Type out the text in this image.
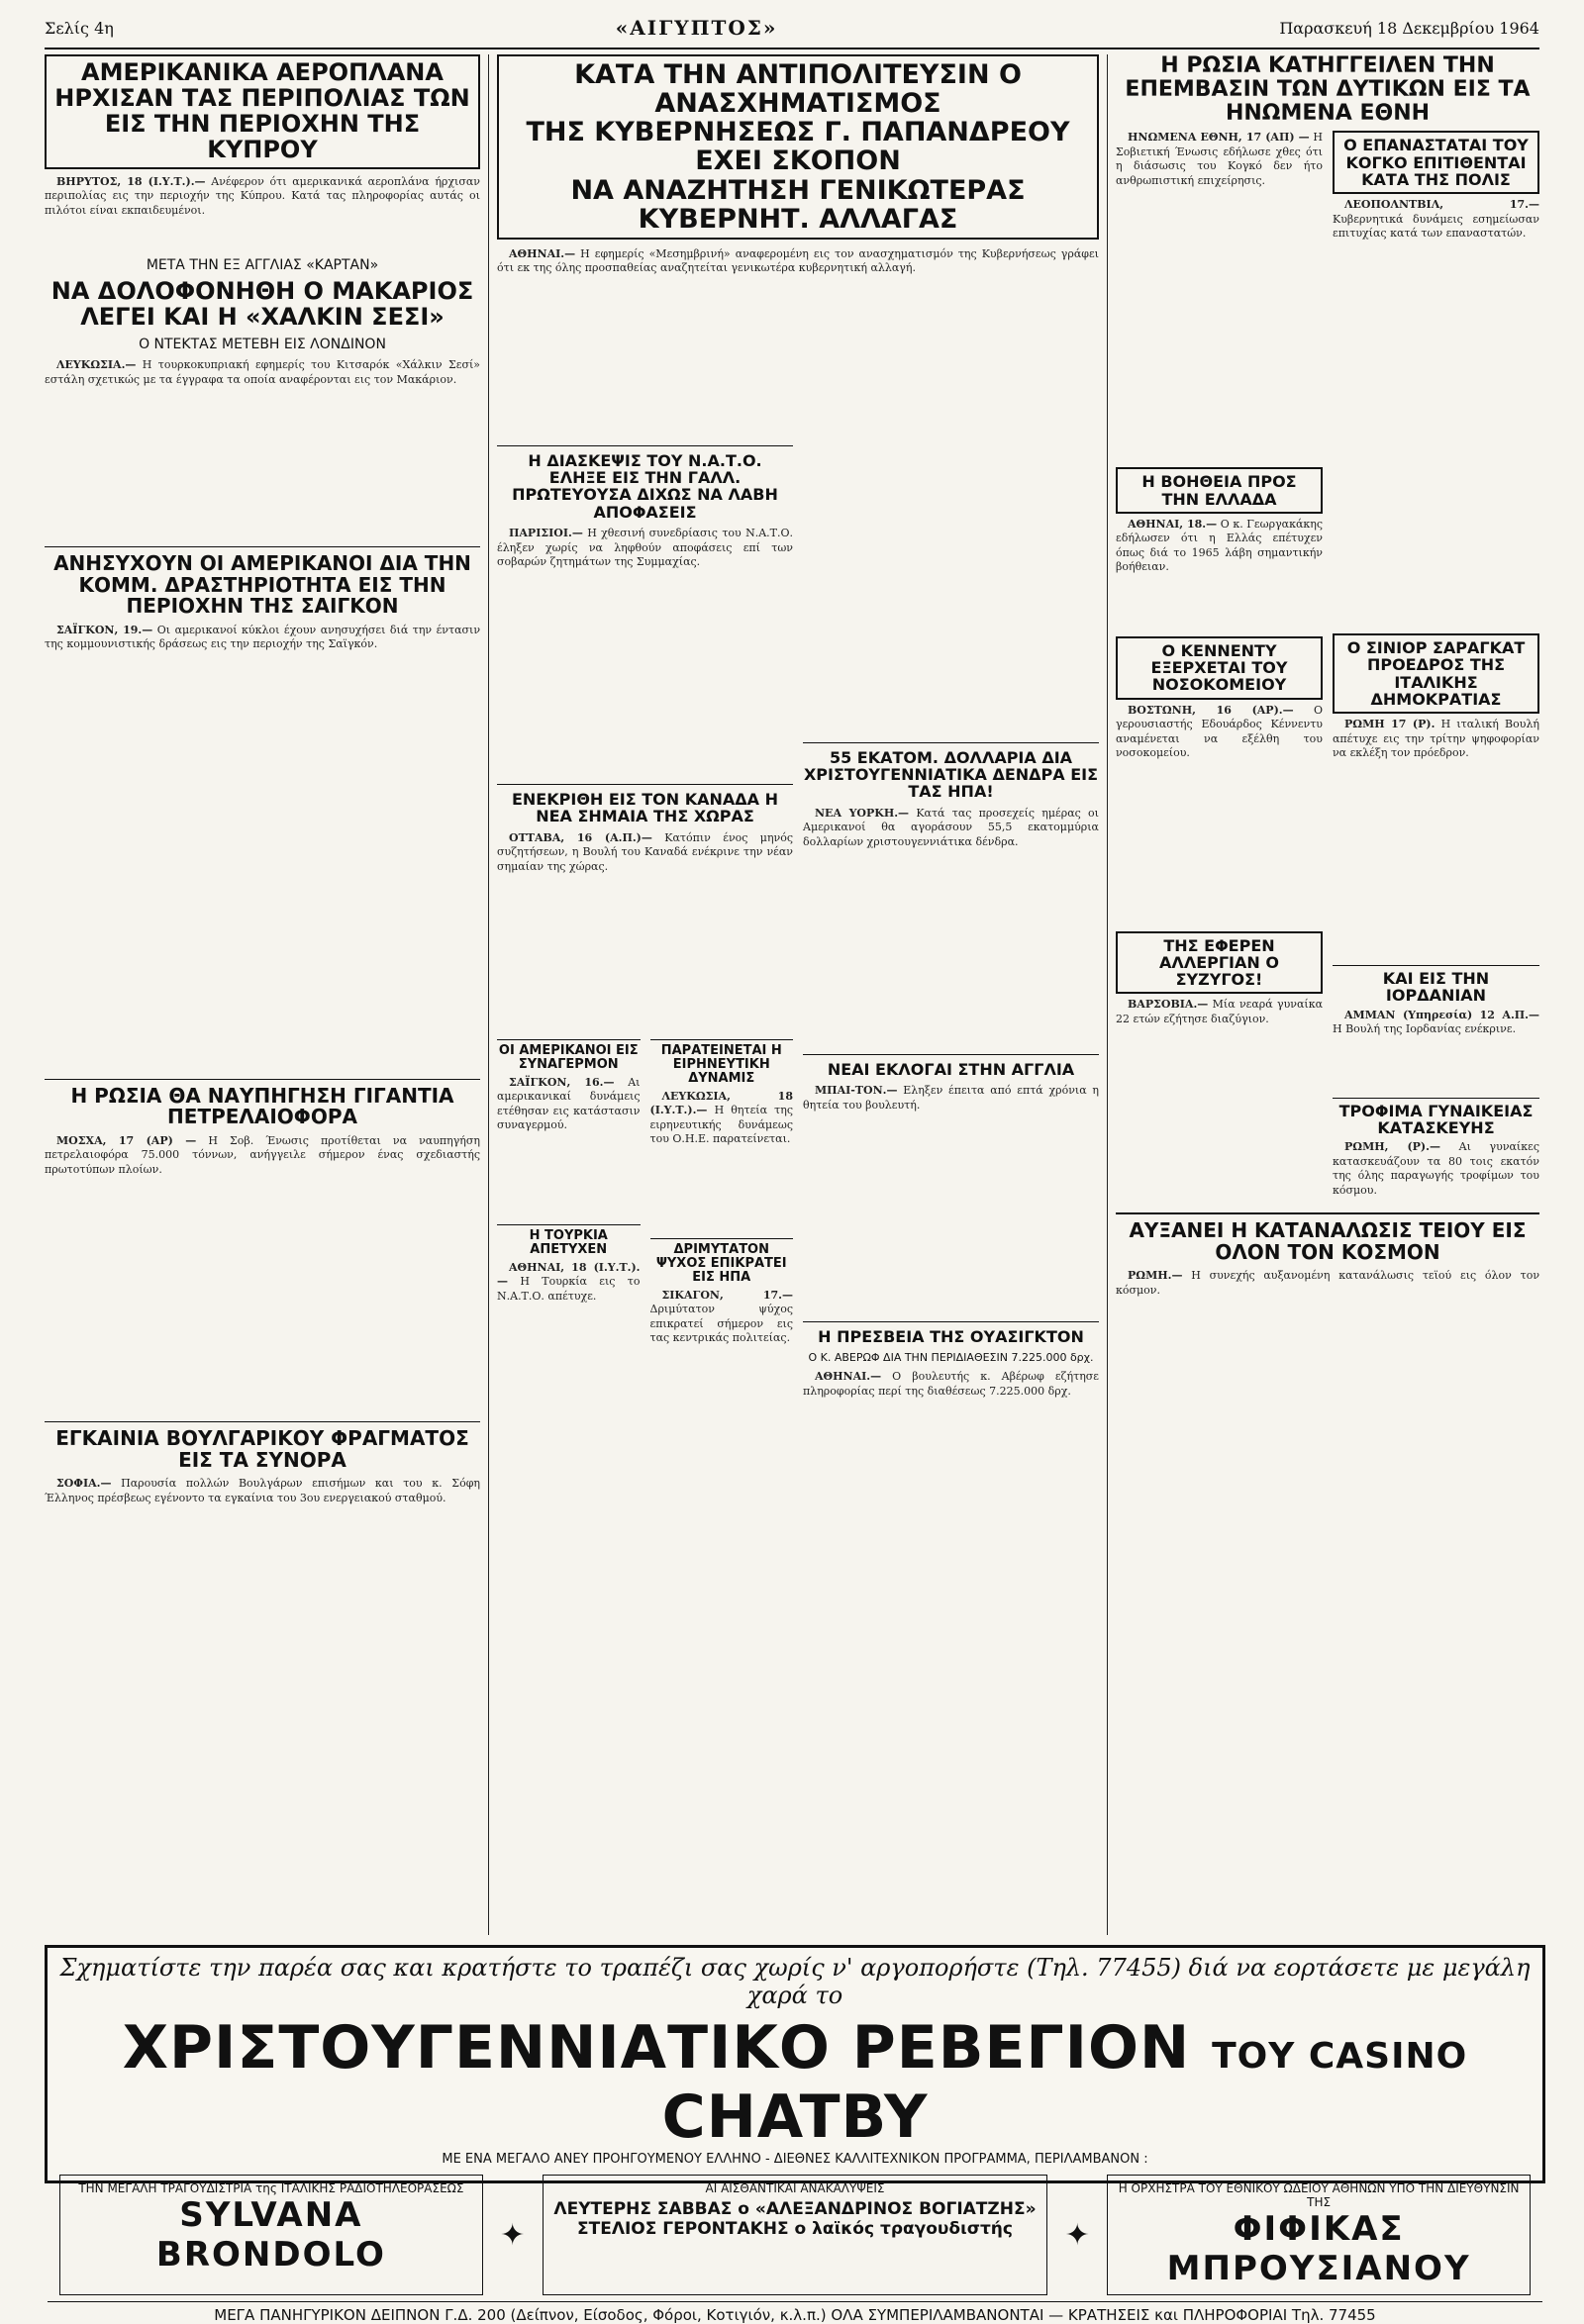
Σελίς 4η	«ΑΙΓΥΠΤΟΣ»	Παρασκευή 18 Δεκεμβρίου 1964
ΑΜΕΡΙΚΑΝΙΚΑ ΑΕΡΟΠΛΑΝΑ ΗΡΧΙΣΑΝ ΤΑΣ ΠΕΡΙΠΟΛΙΑΣ ΤΩΝ ΕΙΣ ΤΗΝ ΠΕΡΙΟΧΗΝ ΤΗΣ ΚΥΠΡΟΥ

ΒΗΡΥΤΟΣ, 18 (Ι.Υ.Τ.).— Ανέφερον ότι αμερικανικά αεροπλάνα ήρχισαν περιπολίας εις την περιοχήν της Κύπρου. Κατά τας πληροφορίας αυτάς οι πιλότοι είναι εκπαιδευμένοι.

ΜΕΤΑ ΤΗΝ ΕΞ ΑΓΓΛΙΑΣ «ΚΑΡΤΑΝ»
ΝΑ ΔΟΛΟΦΟΝΗΘΗ Ο ΜΑΚΑΡΙΟΣ ΛΕΓΕΙ ΚΑΙ Η «ΧΑΛΚΙΝ ΣΕΣΙ»
Ο ΝΤΕΚΤΑΣ ΜΕΤΕΒΗ ΕΙΣ ΛΟΝΔΙΝΟΝ

ΛΕΥΚΩΣΙΑ.— Η τουρκοκυπριακή εφημερίς του Κιτσαρόκ «Χάλκιν Σεσί» εστάλη σχετικώς με τα έγγραφα τα οποία αναφέρονται εις τον Μακάριον.

ΑΝΗΣΥΧΟΥΝ ΟΙ ΑΜΕΡΙΚΑΝΟΙ ΔΙΑ ΤΗΝ ΚΟΜΜ. ΔΡΑΣΤΗΡΙΟΤΗΤΑ ΕΙΣ ΤΗΝ ΠΕΡΙΟΧΗΝ ΤΗΣ ΣΑΙΓΚΟΝ

ΣΑΪΓΚΟΝ, 19.— Οι αμερικανοί κύκλοι έχουν ανησυχήσει διά την έντασιν της κομμουνιστικής δράσεως εις την περιοχήν της Σαϊγκόν.

Η ΡΩΣΙΑ ΘΑ ΝΑΥΠΗΓΗΣΗ ΓΙΓΑΝΤΙΑ ΠΕΤΡΕΛΑΙΟΦΟΡΑ

ΜΟΣΧΑ, 17 (ΑΡ) — Η Σοβ. Ένωσις προτίθεται να ναυπηγήση πετρελαιοφόρα 75.000 τόννων, ανήγγειλε σήμερον ένας σχεδιαστής πρωτοτύπων πλοίων.

ΕΓΚΑΙΝΙΑ ΒΟΥΛΓΑΡΙΚΟΥ ΦΡΑΓΜΑΤΟΣ ΕΙΣ ΤΑ ΣΥΝΟΡΑ

ΣΟΦΙΑ.— Παρουσία πολλών Βουλγάρων επισήμων και του κ. Σόφη Έλληνος πρέσβεως εγένοντο τα εγκαίνια του 3ου ενεργειακού σταθμού.

ΚΑΤΑ ΤΗΝ ΑΝΤΙΠΟΛΙΤΕΥΣΙΝ Ο ΑΝΑΣΧΗΜΑΤΙΣΜΟΣ
ΤΗΣ ΚΥΒΕΡΝΗΣΕΩΣ Γ. ΠΑΠΑΝΔΡΕΟΥ ΕΧΕΙ ΣΚΟΠΟΝ
ΝΑ ΑΝΑΖΗΤΗΣΗ ΓΕΝΙΚΩΤΕΡΑΣ ΚΥΒΕΡΝΗΤ. ΑΛΛΑΓΑΣ

ΑΘΗΝΑΙ.— Η εφημερίς «Μεσημβρινή» αναφερομένη εις τον ανασχηματισμόν της Κυβερνήσεως γράφει ότι εκ της όλης προσπαθείας αναζητείται γενικωτέρα κυβερνητική αλλαγή.

Η ΔΙΑΣΚΕΨΙΣ ΤΟΥ Ν.Α.Τ.Ο. ΕΛΗΞΕ ΕΙΣ ΤΗΝ ΓΑΛΛ. ΠΡΩΤΕΥΟΥΣΑ ΔΙΧΩΣ ΝΑ ΛΑΒΗ ΑΠΟΦΑΣΕΙΣ

ΠΑΡΙΣΙΟΙ.— Η χθεσινή συνεδρίασις του Ν.Α.Τ.Ο. έληξεν χωρίς να ληφθούν αποφάσεις επί των σοβαρών ζητημάτων της Συμμαχίας.

ΕΝΕΚΡΙΘΗ ΕΙΣ ΤΟΝ ΚΑΝΑΔΑ Η ΝΕΑ ΣΗΜΑΙΑ ΤΗΣ ΧΩΡΑΣ

ΟΤΤΑΒΑ, 16 (Α.Π.)— Κατόπιν ένος μηνός συζητήσεων, η Βουλή του Καναδά ενέκρινε την νέαν σημαίαν της χώρας.

ΟΙ ΑΜΕΡΙΚΑΝΟΙ ΕΙΣ ΣΥΝΑΓΕΡΜΟΝ

ΣΑΪΓΚΟΝ, 16.— Αι αμερικανικαί δυνάμεις ετέθησαν εις κατάστασιν συναγερμού.

Η ΤΟΥΡΚΙΑ ΑΠΕΤΥΧΕΝ

ΑΘΗΝΑΙ, 18 (Ι.Υ.Τ.).— Η Τουρκία εις το Ν.Α.Τ.Ο. απέτυχε.

ΠΑΡΑΤΕΙΝΕΤΑΙ Η ΕΙΡΗΝΕΥΤΙΚΗ ΔΥΝΑΜΙΣ

ΛΕΥΚΩΣΙΑ, 18 (Ι.Υ.Τ.).— Η θητεία της ειρηνευτικής δυνάμεως του Ο.Η.Ε. παρατείνεται.

ΔΡΙΜΥΤΑΤΟΝ ΨΥΧΟΣ ΕΠΙΚΡΑΤΕΙ ΕΙΣ ΗΠΑ

ΣΙΚΑΓΟΝ, 17.— Δριμύτατον ψύχος επικρατεί σήμερον εις τας κεντρικάς πολιτείας.

55 ΕΚΑΤΟΜ. ΔΟΛΛΑΡΙΑ ΔΙΑ ΧΡΙΣΤΟΥΓΕΝΝΙΑΤΙΚΑ ΔΕΝΔΡΑ ΕΙΣ ΤΑΣ ΗΠΑ!

ΝΕΑ ΥΟΡΚΗ.— Κατά τας προσεχείς ημέρας οι Αμερικανοί θα αγοράσουν 55,5 εκατομμύρια δολλαρίων χριστουγεννιάτικα δένδρα.

ΝΕΑΙ ΕΚΛΟΓΑΙ ΣΤΗΝ ΑΓΓΛΙΑ

ΜΠΑΙ-ΤΟΝ.— Εληξεν έπειτα από επτά χρόνια η θητεία του βουλευτή.

Η ΠΡΕΣΒΕΙΑ ΤΗΣ ΟΥΑΣΙΓΚΤΟΝ
Ο Κ. ΑΒΕΡΩΦ ΔΙΑ ΤΗΝ ΠΕΡΙΔΙΑΘΕΣΙΝ 7.225.000 δρχ.

ΑΘΗΝΑΙ.— Ο βουλευτής κ. Αβέρωφ εζήτησε πληροφορίας περί της διαθέσεως 7.225.000 δρχ.

Η ΡΩΣΙΑ ΚΑΤΗΓΓΕΙΛΕΝ ΤΗΝ ΕΠΕΜΒΑΣΙΝ ΤΩΝ ΔΥΤΙΚΩΝ ΕΙΣ ΤΑ ΗΝΩΜΕΝΑ ΕΘΝΗ

ΗΝΩΜΕΝΑ ΕΘΝΗ, 17 (ΑΠ) — Η Σοβιετική Ένωσις εδήλωσε χθες ότι η διάσωσις του Κογκό δεν ήτο ανθρωπιστική επιχείρησις.

Η ΒΟΗΘΕΙΑ ΠΡΟΣ ΤΗΝ ΕΛΛΑΔΑ

ΑΘΗΝΑΙ, 18.— Ο κ. Γεωργακάκης εδήλωσεν ότι η Ελλάς επέτυχεν όπως διά το 1965 λάβη σημαντικήν βοήθειαν.

Ο ΚΕΝΝΕΝΤΥ ΕΞΕΡΧΕΤΑΙ ΤΟΥ ΝΟΣΟΚΟΜΕΙΟΥ

ΒΟΣΤΩΝΗ, 16 (ΑΡ).— Ο γερουσιαστής Εδουάρδος Κέννεντυ αναμένεται να εξέλθη του νοσοκομείου.

ΤΗΣ ΕΦΕΡΕΝ ΑΛΛΕΡΓΙΑΝ Ο ΣΥΖΥΓΟΣ!

ΒΑΡΣΟΒΙΑ.— Μία νεαρά γυναίκα 22 ετών εζήτησε διαζύγιον.

Ο ΕΠΑΝΑΣΤΑΤΑΙ ΤΟΥ ΚΟΓΚΟ ΕΠΙΤΙΘΕΝΤΑΙ ΚΑΤΑ ΤΗΣ ΠΟΛΙΣ

ΛΕΟΠΟΛΝΤΒΙΛ, 17.— Κυβερνητικά δυνάμεις εσημείωσαν επιτυχίας κατά των επαναστατών.

Ο ΣΙΝΙΟΡ ΣΑΡΑΓΚΑΤ ΠΡΟΕΔΡΟΣ ΤΗΣ ΙΤΑΛΙΚΗΣ ΔΗΜΟΚΡΑΤΙΑΣ

ΡΩΜΗ 17 (Ρ). Η ιταλική Βουλή απέτυχε εις την τρίτην ψηφοφορίαν να εκλέξη τον πρόεδρον.

ΚΑΙ ΕΙΣ ΤΗΝ ΙΟΡΔΑΝΙΑΝ

ΑΜΜΑΝ (Υπηρεσία) 12 Α.Π.— Η Βουλή της Ιορδανίας ενέκρινε.

ΤΡΟΦΙΜΑ ΓΥΝΑΙΚΕΙΑΣ ΚΑΤΑΣΚΕΥΗΣ

ΡΩΜΗ, (Ρ).— Αι γυναίκες κατασκευάζουν τα 80 τοις εκατόν της όλης παραγωγής τροφίμων του κόσμου.

ΑΥΞΑΝΕΙ Η ΚΑΤΑΝΑΛΩΣΙΣ ΤΕΙΟΥ ΕΙΣ ΟΛΟΝ ΤΟΝ ΚΟΣΜΟΝ

ΡΩΜΗ.— Η συνεχής αυξανομένη κατανάλωσις τεϊού εις όλον τον κόσμον.

Σχηματίστε την παρέα σας και κρατήστε το τραπέζι σας χωρίς ν' αργοπορήστε (Τηλ. 77455) διά να εορτάσετε με μεγάλη χαρά το
ΧΡΙΣΤΟΥΓΕΝΝΙΑΤΙΚΟ ΡΕΒΕΓΙΟΝ ΤΟΥ CASINO CHATBY
ΜΕ ΕΝΑ ΜΕΓΑΛΟ ΑΝΕΥ ΠΡΟΗΓΟΥΜΕΝΟΥ ΕΛΛΗΝΟ - ΔΙΕΘΝΕΣ ΚΑΛΛΙΤΕΧΝΙΚΟΝ ΠΡΟΓΡΑΜΜΑ, ΠΕΡΙΛΑΜΒΑΝΟΝ :
ΤΗΝ ΜΕΓΑΛΗ ΤΡΑΓΟΥΔΙΣΤΡΙΑ της ΙΤΑΛΙΚΗΣ ΡΑΔΙΟΤΗΛΕΟΡΑΣΕΩΣ
SYLVANA BRONDOLO	✦
ΑΙ ΑΙΣΘΑΝΤΙΚΑΙ ΑΝΑΚΑΛΥΨΕΙΣ
ΛΕΥΤΕΡΗΣ ΣΑΒΒΑΣ ο «ΑΛΕΞΑΝΔΡΙΝΟΣ ΒΟΓΙΑΤΖΗΣ»
ΣΤΕΛΙΟΣ ΓΕΡΟΝΤΑΚΗΣ ο λαϊκός τραγουδιστής	✦
Η ΟΡΧΗΣΤΡΑ ΤΟΥ ΕΘΝΙΚΟΥ ΩΔΕΙΟΥ ΑΘΗΝΩΝ ΥΠΟ ΤΗΝ ΔΙΕΥΘΥΝΣΙΝ ΤΗΣ
ΦΙΦΙΚΑΣ ΜΠΡΟΥΣΙΑΝΟΥ
ΜΕΓΑ ΠΑΝΗΓΥΡΙΚΟΝ ΔΕΙΠΝΟΝ Γ.Δ. 200 (Δείπνον, Είσοδος, Φόροι, Κοτιγιόν, κ.λ.π.) ΟΛΑ ΣΥΜΠΕΡΙΛΑΜΒΑΝΟΝΤΑΙ — ΚΡΑΤΗΣΕΙΣ και ΠΛΗΡΟΦΟΡΙΑΙ Τηλ. 77455
